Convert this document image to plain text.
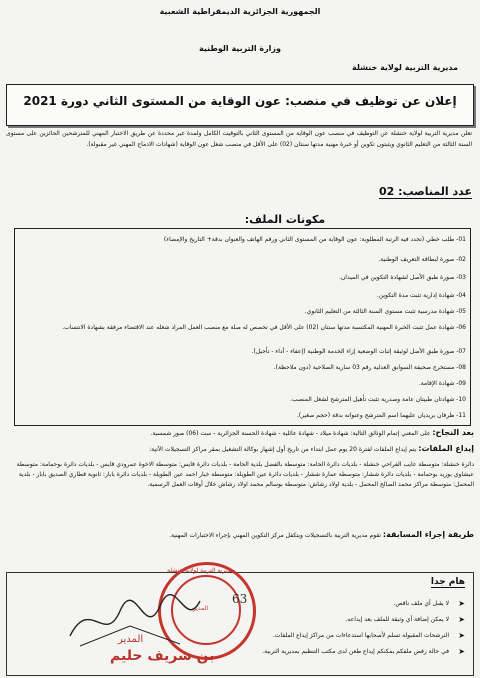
الجمهورية الجزائرية الديمقراطية الشعبية
وزارة التربية الوطنية
مديرية التربية لولاية خنشلة
إعلان عن توظيف في منصب: عون الوقاية من المستوى الثاني دورة 2021
تعلن مديرية التربية لولاية خنشلة عن التوظيف في منصب عون الوقاية من المستوى الثاني بالتوقيت الكامل ولمدة غير محددة عن طريق الاختبار المهني للمترشحين الحائزين على مستوى السنة الثالثة من التعليم الثانوي ويثبتون تكوين أو خبرة مهنية مدتها سنتان (02) على الأقل في منصب شغل عون الوقاية (شهادات الادماج المهني غير مقبولة).
عدد المناصب: 02
مكونات الملف:
01- طلب خطي (تحدد فيه الرتبة المطلوبة: عون الوقاية من المستوى الثاني ورقم الهاتف والعنوان بدقة+ التاريخ والإمضاء)
02- صورة لبطاقة التعريف الوطنية.
03- صورة طبق الأصل لشهادة التكوين في الميدان.
04- شهادة إدارية تثبت مدة التكوين.
05- شهادة مدرسية تثبت مستوى السنة الثالثة من التعليم الثانوي.
06- شهادة عمل تثبت الخبرة المهنية المكتسبة مدتها سنتان (02) على الأقل في تخصص له صلة مع منصب العمل المراد شغله عند الاقتضاء مرفقة بشهادة الانتساب.
07- صورة طبق الأصل لوثيقة إثبات الوضعية إزاء الخدمة الوطنية (إعفاء - أداء - تأجيل).
08- مستخرج صحيفة السوابق العدلية رقم 03 سارية الصلاحية (دون ملاحظة).
09- شهادة الإقامة.
10- شهادتان طبيتان عامة وصدرية تثبت تأهيل المترشح لشغل المنصب.
11- ظرفان بريديان عليهما اسم المترشح وعنوانه بدقة (حجم صغير).
بعد النجاح: على المعني إتمام الوثائق التالية: شهادة ميلاد - شهادة عائلية - شهادة الحسنة الجزائرية - ست (06) صور شمسية.
إيداع الملفات: يتم إيداع الملفات لفترة 20 يوم عمل ابتداء من تاريخ أول إشهار بوكالة التشغيل بمقر مراكز التسجيلات الآتية:
دائرة خنشلة: متوسطة عايب الفراحي خنشلة - بلديات دائرة الحامة: متوسطة بالفضل بلدية الحامة - بلديات دائرة قايس: متوسطة الاخوة عمرودي قايس - بلديات دائرة بوحمامة: متوسطة عيشاوي بوزيد بوحمامة - بلديات دائرة ششار: متوسطة عمارة ششار - بلديات دائرة عين الطويلة: متوسطة خيار احمد عين الطويلة - بلديات دائرة بابار: ثانوية قطاري الصديق بابار - بلدية المحمل: متوسطة مراكز محمد الصالح المحمل - بلدية اولاد رشاش: متوسطة بوسالم محمد اولاد رشاش خلال أوقات العمل الرسمية.
طريقة إجراء المسابقة: تقوم مديرية التربية بالتسجيلات ويتكفل مركز التكوين المهني بإجراء الاختبارات المهنية.
هام جدا
➤
لا يقبل أي ملف ناقص.
➤
لا يمكن إضافة أي وثيقة للملف بعد إيداعه.
➤
الترشحات المقبولة تسلم لأصحابها استدعاءات من مراكز إيداع الملفات.
➤
في حالة رفض ملفكم يمكنكم إيداع طعن لدى مكتب التنظيم بمديرية التربية.
مديرية التربية لولاية خنشلة
المدير
63
المدير
بن شريف حليم
